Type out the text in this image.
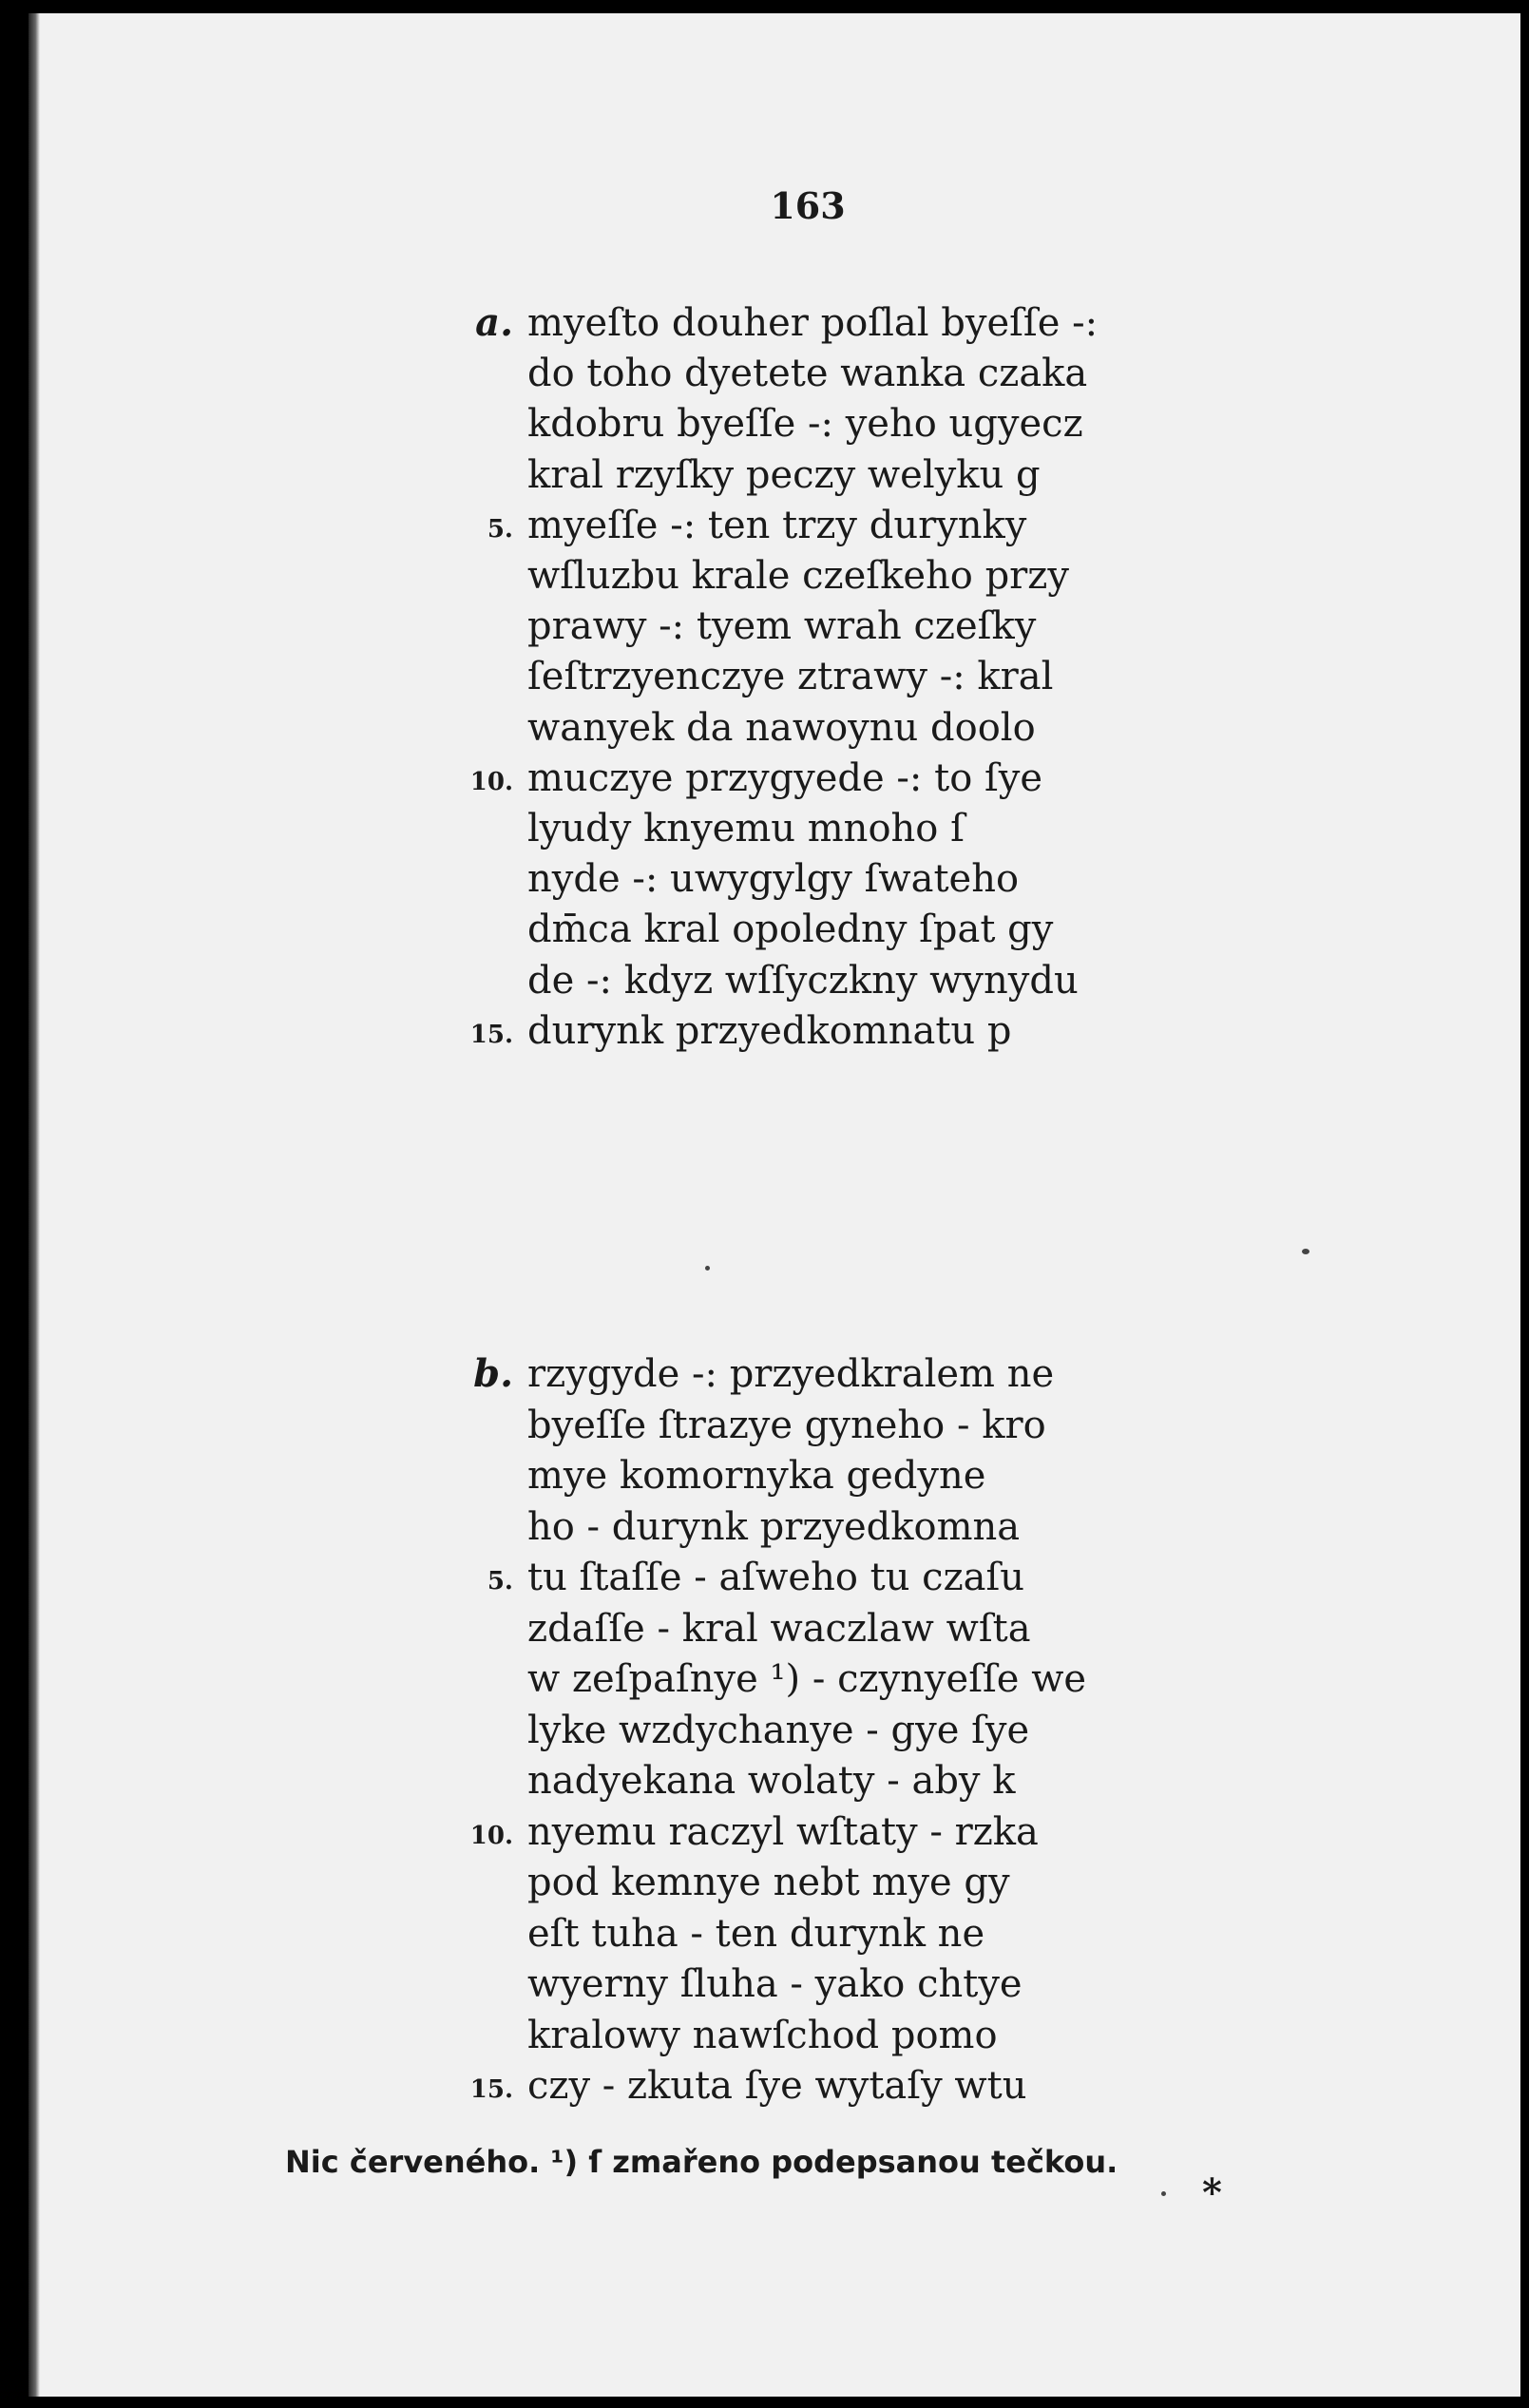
163
a. myeſto douher poſlal byeſſe -:
do toho dyetete wanka czaka
kdobru byeſſe -: yeho ugyecz
kral rzyſky peczy welyku g
myeſſe -: ten trzy durynky
5.
wſluzbu krale czeſkeho przy
prawy -: tyem wrah czeſky
ſeſtrzyenczye ztrawy -: kral
wanyek da nawoynu doolo
muczye przygyede -: to ſye
10.
lyudy knyemu mnoho ſ
nyde -: uwygylgy ſwateho
dm̄ca kral opoledny ſpat gy
de -: kdyz wſſyczkny wynydu
durynk przyedkomnatu p
15.
b. rzygyde -: przyedkralem ne
byeſſe ſtrazye gyneho - kro
mye komornyka gedyne
ho - durynk przyedkomna
tu ſtaſſe - aſweho tu czaſu
5.
zdaſſe - kral waczlaw wſta
w zeſpaſnye ¹) - czynyeſſe we
lyke wzdychanye - gye ſye
nadyekana wolaty - aby k
nyemu raczyl wſtaty - rzka
10.
pod kemnye nebt mye gy
eſt tuha - ten durynk ne
wyerny ſluha - yako chtye
kralowy nawſchod pomo
czy - zkuta ſye wytaſy wtu
15.
Nic červeného. ¹) ſ zmařeno podepsanou tečkou.
*
